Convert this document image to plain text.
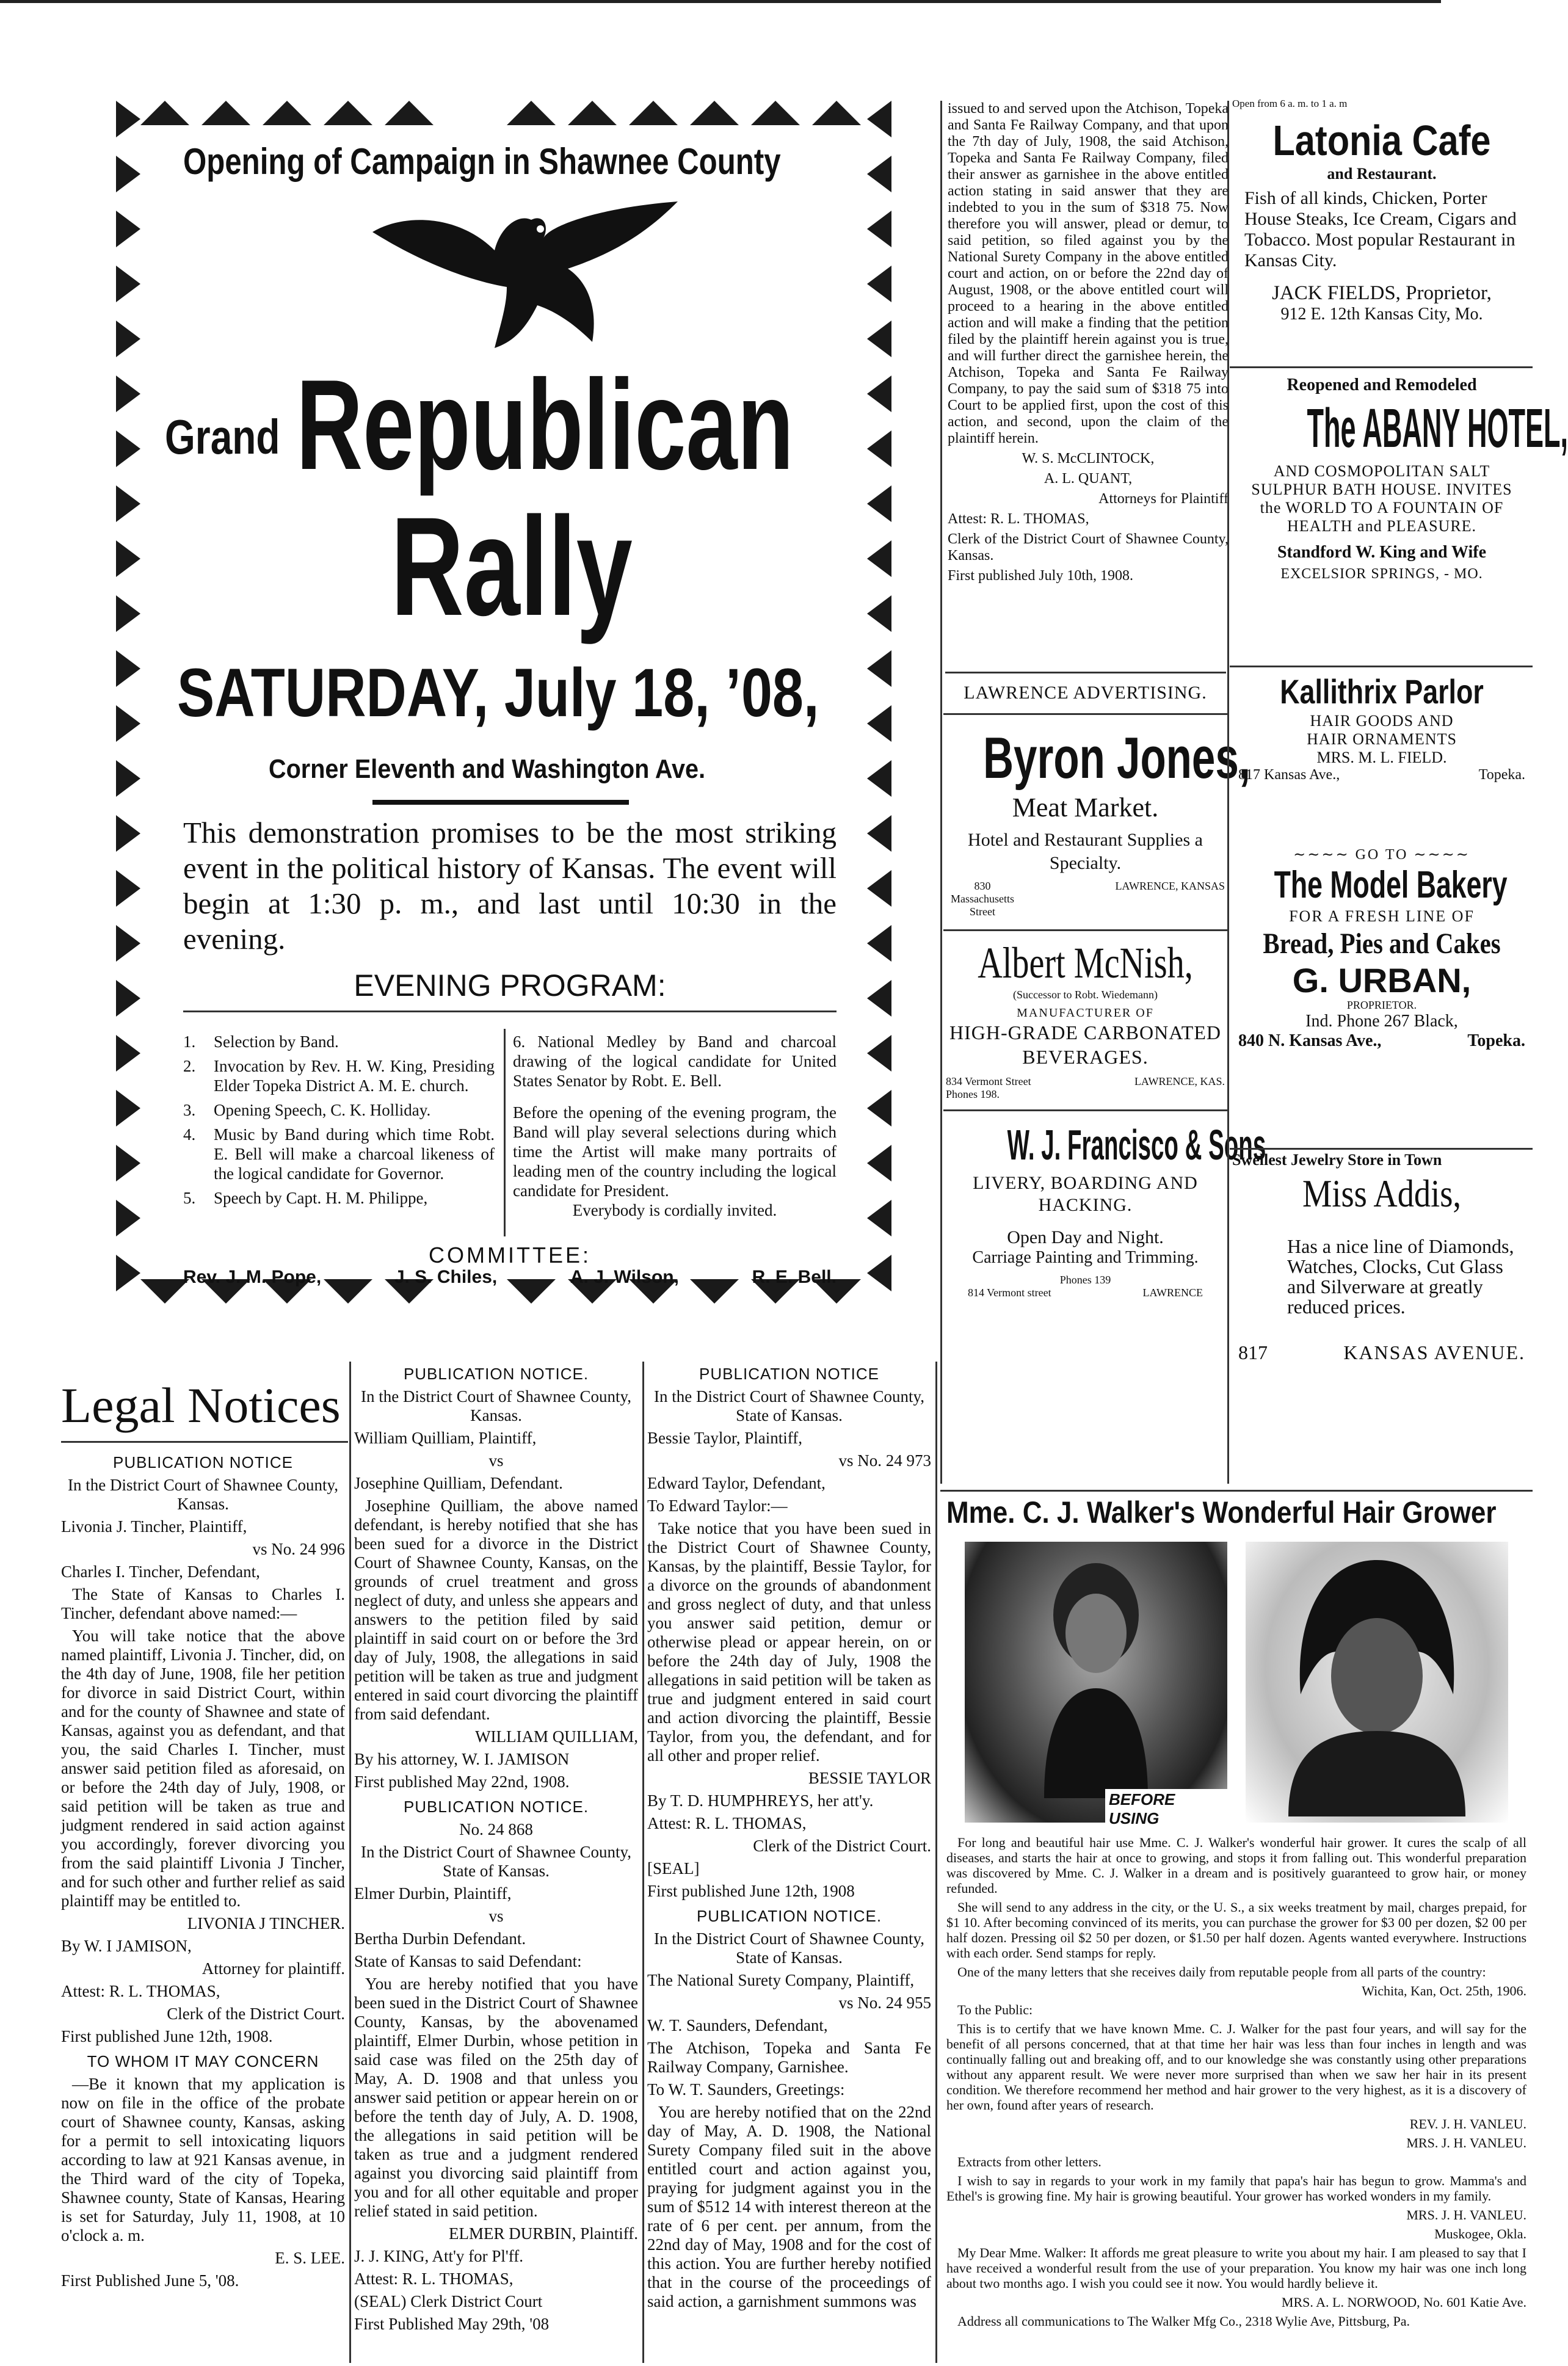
Opening of Campaign in Shawnee County
Grand Republican
Rally
SATURDAY, July 18, ’08,
Corner Eleventh and Washington Ave.
This demonstration promises to be the most striking event in the political history of Kansas. The event will begin at 1:30 p. m., and last until 10:30 in the evening.
EVENING PROGRAM:
1.	Selection by Band.
2.	Invocation by Rev. H. W. King, Presiding Elder Topeka District A. M. E. church.
3.	Opening Speech, C. K. Holliday.
4.	Music by Band during which time Robt. E. Bell will make a charcoal likeness of the logical candidate for Governor.
5.	Speech by Capt. H. M. Philippe,
6. National Medley by Band and charcoal drawing of the logical candidate for United States Senator by Robt. E. Bell.
Before the opening of the evening program, the Band will play several selections during which time the Artist will make many portraits of leading men of the country including the logical candidate for President.
Everybody is cordially invited.
COMMITTEE:
Rev. J. M. Pope,	J. S. Chiles,	A. J. Wilson,	R. E. Bell.

issued to and served upon the Atchison, Topeka and Santa Fe Railway Company, and that upon the 7th day of July, 1908, the said Atchison, Topeka and Santa Fe Railway Company, filed their answer as garnishee in the above entitled action stating in said answer that they are indebted to you in the sum of $318 75. Now therefore you will answer, plead or demur, to said petition, so filed against you by the National Surety Company in the above entitled court and action, on or before the 22nd day of August, 1908, or the above entitled court will proceed to a hearing in the above entitled action and will make a finding that the petition filed by the plaintiff herein against you is true, and will further direct the garnishee herein, the Atchison, Topeka and Santa Fe Railway Company, to pay the said sum of $318 75 into Court to be applied first, upon the cost of this action, and second, upon the claim of the plaintiff herein.

W. S. McCLINTOCK,

A. L. QUANT,

Attorneys for Plaintiff

Attest: R. L. THOMAS,

Clerk of the District Court of Shawnee County, Kansas.

First published July 10th, 1908.

LAWRENCE ADVERTISING.
Byron Jones,
Meat Market.
Hotel and Restaurant Supplies a Specialty.
830 Massachusetts Street
LAWRENCE, KANSAS
Albert McNish,
(Successor to Robt. Wiedemann)
MANUFACTURER OF
HIGH-GRADE CARBONATED BEVERAGES.
834 Vermont Street Phones 198.
LAWRENCE, KAS.
W. J. Francisco & Sons
LIVERY, BOARDING AND HACKING.
Open Day and Night.
Carriage Painting and Trimming.
Phones 139
814 Vermont street	LAWRENCE
Open from 6 a. m. to 1 a. m
Latonia Cafe
and Restaurant.
Fish of all kinds, Chicken, Porter House Steaks, Ice Cream, Cigars and Tobacco. Most popular Restaurant in Kansas City.
JACK FIELDS, Proprietor,
912 E. 12th Kansas City, Mo.
Reopened and Remodeled
The ABANY HOTEL,
AND COSMOPOLITAN SALT SULPHUR BATH HOUSE. INVITES the WORLD TO A FOUNTAIN OF HEALTH and PLEASURE.
Standford W. King and Wife
EXCELSIOR SPRINGS, - MO.
Kallithrix Parlor
HAIR GOODS AND
HAIR ORNAMENTS
MRS. M. L. FIELD.
817 Kansas Ave.,	Topeka.
∼∼∼∼ GO TO ∼∼∼∼
The Model Bakery
FOR A FRESH LINE OF
Bread, Pies and Cakes
G. URBAN,
PROPRIETOR.
Ind. Phone 267 Black,
840 N. Kansas Ave.,	Topeka.
Swellest Jewelry Store in Town
Miss Addis,
Has a nice line of Diamonds, Watches, Clocks, Cut Glass and Silverware at greatly reduced prices.
817	KANSAS AVENUE.
Legal Notices

PUBLICATION NOTICE

In the District Court of Shawnee County, Kansas.

Livonia J. Tincher, Plaintiff,

vs No. 24 996

Charles I. Tincher, Defendant,

The State of Kansas to Charles I. Tincher, defendant above named:—

You will take notice that the above named plaintiff, Livonia J. Tincher, did, on the 4th day of June, 1908, file her petition for divorce in said District Court, within and for the county of Shawnee and state of Kansas, against you as defendant, and that you, the said Charles I. Tincher, must answer said petition filed as aforesaid, on or before the 24th day of July, 1908, or said petition will be taken as true and judgment rendered in said action against you accordingly, forever divorcing you from the said plaintiff Livonia J Tincher, and for such other and further relief as said plaintiff may be entitled to.

LIVONIA J TINCHER.

By W. I JAMISON,

Attorney for plaintiff.

Attest: R. L. THOMAS,

Clerk of the District Court.

First published June 12th, 1908.

TO WHOM IT MAY CONCERN

—Be it known that my application is now on file in the office of the probate court of Shawnee county, Kansas, asking for a permit to sell intoxicating liquors according to law at 921 Kansas avenue, in the Third ward of the city of Topeka, Shawnee county, State of Kansas, Hearing is set for Saturday, July 11, 1908, at 10 o'clock a. m.

E. S. LEE.

First Published June 5, '08.

PUBLICATION NOTICE.

In the District Court of Shawnee County, Kansas.

William Quilliam, Plaintiff,

vs

Josephine Quilliam, Defendant.

Josephine Quilliam, the above named defendant, is hereby notified that she has been sued for a divorce in the District Court of Shawnee County, Kansas, on the grounds of cruel treatment and gross neglect of duty, and unless she appears and answers to the petition filed by said plaintiff in said court on or before the 3rd day of July, 1908, the allegations in said petition will be taken as true and judgment entered in said court divorcing the plaintiff from said defendant.

WILLIAM QUILLIAM,

By his attorney, W. I. JAMISON

First published May 22nd, 1908.

PUBLICATION NOTICE.

No. 24 868

In the District Court of Shawnee County, State of Kansas.

Elmer Durbin, Plaintiff,

vs

Bertha Durbin Defendant.

State of Kansas to said Defendant:

You are hereby notified that you have been sued in the District Court of Shawnee County, Kansas, by the abovenamed plaintiff, Elmer Durbin, whose petition in said case was filed on the 25th day of May, A. D. 1908 and that unless you answer said petition or appear herein on or before the tenth day of July, A. D. 1908, the allegations in said petition will be taken as true and a judgment rendered against you divorcing said plaintiff from you and for all other equitable and proper relief stated in said petition.

ELMER DURBIN, Plaintiff.

J. J. KING, Att'y for Pl'ff.

Attest: R. L. THOMAS,

(SEAL) Clerk District Court

First Published May 29th, '08

PUBLICATION NOTICE

In the District Court of Shawnee County, State of Kansas.

Bessie Taylor, Plaintiff,

vs No. 24 973

Edward Taylor, Defendant,

To Edward Taylor:—

Take notice that you have been sued in the District Court of Shawnee County, Kansas, by the plaintiff, Bessie Taylor, for a divorce on the grounds of abandonment and gross neglect of duty, and that unless you answer said petition, demur or otherwise plead or appear herein, on or before the 24th day of July, 1908 the allegations in said petition will be taken as true and judgment entered in said court and action divorcing the plaintiff, Bessie Taylor, from you, the defendant, and for all other and proper relief.

BESSIE TAYLOR

By T. D. HUMPHREYS, her att'y.

Attest: R. L. THOMAS,

Clerk of the District Court.

[SEAL]

First published June 12th, 1908

PUBLICATION NOTICE.

In the District Court of Shawnee County, State of Kansas.

The National Surety Company, Plaintiff,

vs No. 24 955

W. T. Saunders, Defendant,

The Atchison, Topeka and Santa Fe Railway Company, Garnishee.

To W. T. Saunders, Greetings:

You are hereby notified that on the 22nd day of May, A. D. 1908, the National Surety Company filed suit in the above entitled court and action against you, praying for judgment against you in the sum of $512 14 with interest thereon at the rate of 6 per cent. per annum, from the 22nd day of May, 1908 and for the cost of this action. You are further hereby notified that in the course of the proceedings of said action, a garnishment summons was

Mme. C. J. Walker's Wonderful Hair Grower
BEFORE USING

For long and beautiful hair use Mme. C. J. Walker's wonderful hair grower. It cures the scalp of all diseases, and starts the hair at once to growing, and stops it from falling out. This wonderful preparation was discovered by Mme. C. J. Walker in a dream and is positively guaranteed to grow hair, or money refunded.

She will send to any address in the city, or the U. S., a six weeks treatment by mail, charges prepaid, for $1 10. After becoming convinced of its merits, you can purchase the grower for $3 00 per dozen, $2 00 per half dozen. Pressing oil $2 50 per dozen, or $1.50 per half dozen. Agents wanted everywhere. Instructions with each order. Send stamps for reply.

One of the many letters that she receives daily from reputable people from all parts of the country:

Wichita, Kan, Oct. 25th, 1906.

To the Public:

This is to certify that we have known Mme. C. J. Walker for the past four years, and will say for the benefit of all persons concerned, that at that time her hair was less than four inches in length and was continually falling out and breaking off, and to our knowledge she was constantly using other preparations without any apparent result. We were never more surprised than when we saw her hair in its present condition. We therefore recommend her method and hair grower to the very highest, as it is a discovery of her own, found after years of research.

REV. J. H. VANLEU.

MRS. J. H. VANLEU.

Extracts from other letters.

I wish to say in regards to your work in my family that papa's hair has begun to grow. Mamma's and Ethel's is growing fine. My hair is growing beautiful. Your grower has worked wonders in my family.

MRS. J. H. VANLEU.

Muskogee, Okla.

My Dear Mme. Walker: It affords me great pleasure to write you about my hair. I am pleased to say that I have received a wonderful result from the use of your preparation. You know my hair was one inch long about two months ago. I wish you could see it now. You would hardly believe it.

MRS. A. L. NORWOOD, No. 601 Katie Ave.

Address all communications to The Walker Mfg Co., 2318 Wylie Ave, Pittsburg, Pa.
